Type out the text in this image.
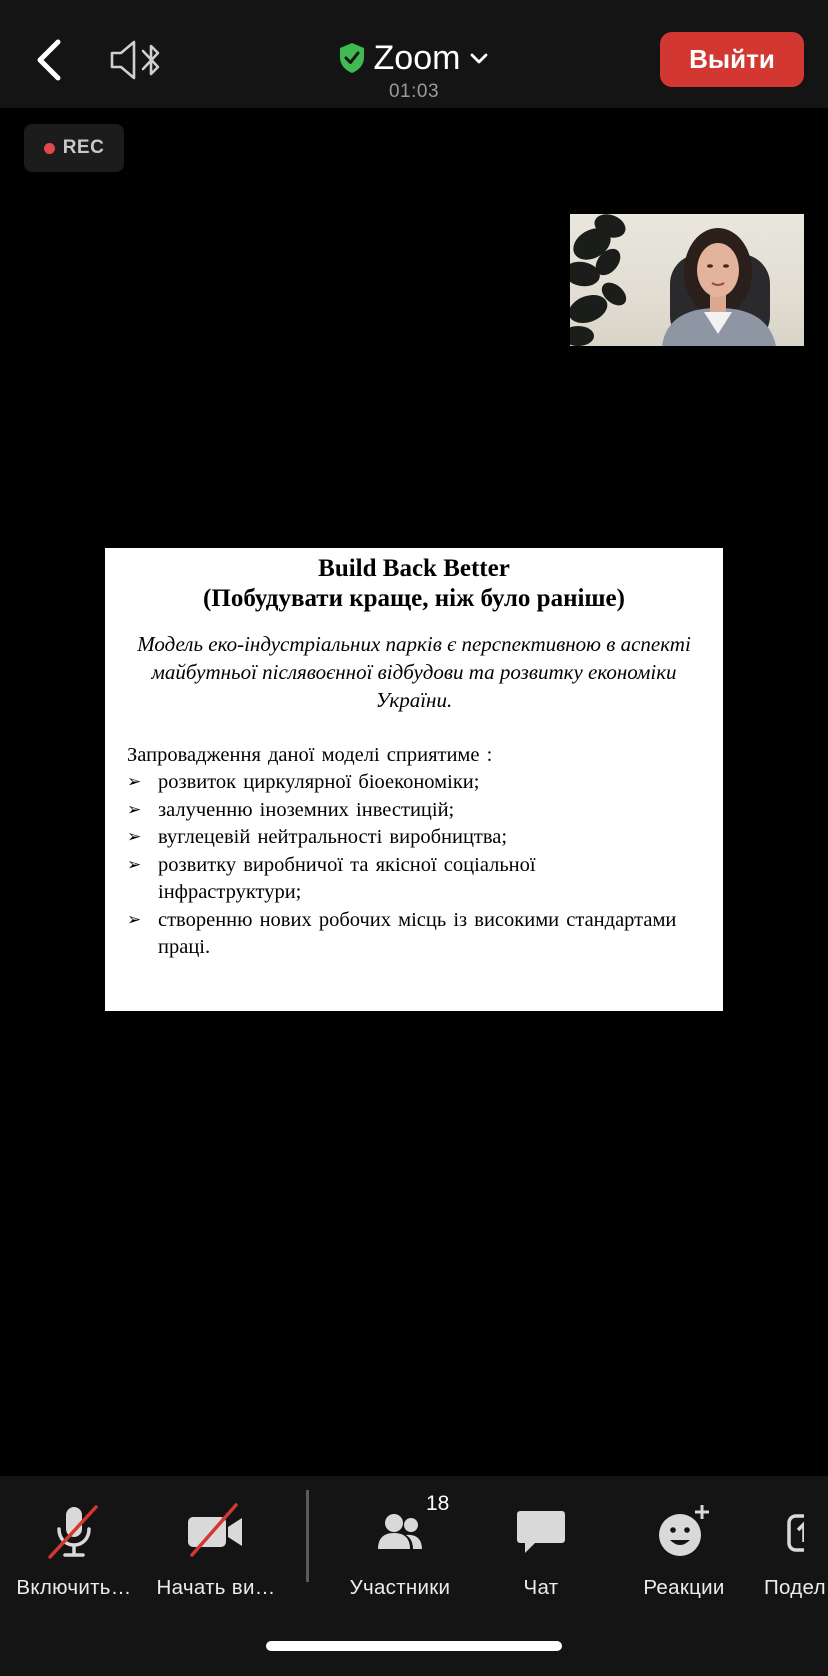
Zoom
01:03
Выйти
REC
Build Back Better
(Побудувати краще, ніж було раніше)
Модель еко-індустріальних парків є перспективною в аспекті майбутньої післявоєнної відбудови та розвитку економіки України.
Запровадження даної моделі сприятиме :
➢ розвиток циркулярної біоекономіки;
➢ залученню іноземних інвестицій;
➢ вуглецевій нейтральності виробництва;
➢ розвитку виробничої та якісної соціальної інфраструктури;
➢ створенню нових робочих місць із високими стандартами праці.
Включить… Начать ви…
18
Участники	Чат	Реакции Подел
